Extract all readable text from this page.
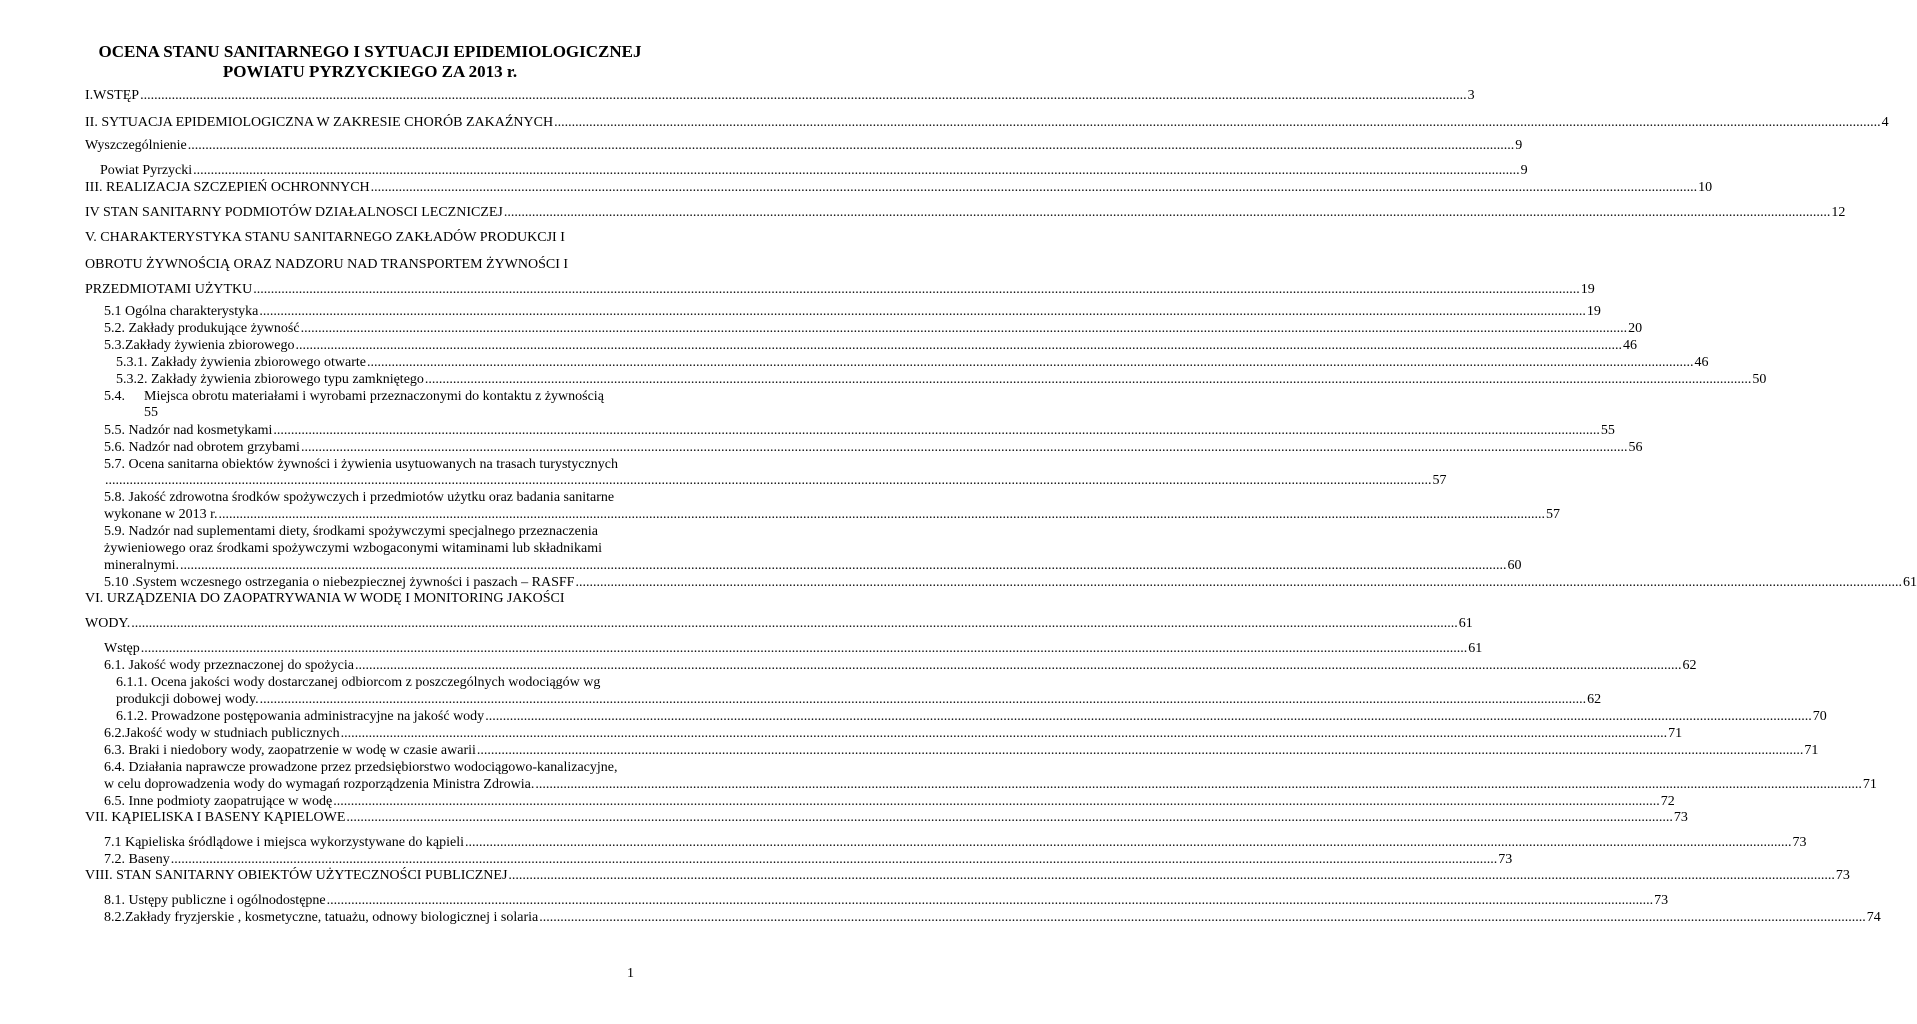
OCENA STANU SANITARNEGO I SYTUACJI EPIDEMIOLOGICZNEJ
POWIATU PYRZYCKIEGO ZA 2013 r.
I.WSTĘP .....	3
II. SYTUACJA EPIDEMIOLOGICZNA W ZAKRESIE CHORÓB ZAKAŹNYCH .....	4
Wyszczególnienie .....	9
Powiat Pyrzycki .....	9
III. REALIZACJA SZCZEPIEŃ OCHRONNYCH .....	10
IV STAN SANITARNY PODMIOTÓW DZIAŁALNOSCI LECZNICZEJ .....	12
V. CHARAKTERYSTYKA STANU SANITARNEGO ZAKŁADÓW PRODUKCJI I
OBROTU ŻYWNOŚCIĄ ORAZ NADZORU NAD TRANSPORTEM ŻYWNOŚCI I
PRZEDMIOTAMI UŻYTKU .....	19
5.1 Ogólna charakterystyka .....	19
5.2. Zakłady produkujące żywność .....	20
5.3. Zakłady żywienia zbiorowego .....	46
5.3.1. Zakłady żywienia zbiorowego otwarte .....	46
5.3.2. Zakłady żywienia zbiorowego typu zamkniętego .....	50
5.4. Miejsca obrotu materiałami i wyrobami przeznaczonymi do kontaktu z żywnością
55
5.5. Nadzór nad kosmetykami .....	55
5.6. Nadzór nad obrotem grzybami .....	56
5.7. Ocena sanitarna obiektów żywności i żywienia usytuowanych na trasach turystycznych
.....
57
5.8. Jakość zdrowotna środków spożywczych i przedmiotów użytku oraz badania sanitarne
wykonane w 2013 r. .....	57
5.9. Nadzór nad suplementami diety, środkami spożywczymi specjalnego przeznaczenia
żywieniowego oraz środkami spożywczymi wzbogaconymi witaminami lub składnikami
mineralnymi. .....	60
5.10 .System wczesnego ostrzegania o niebezpiecznej żywności i paszach – RASFF .....	61
VI. URZĄDZENIA DO ZAOPATRYWANIA W WODĘ I MONITORING JAKOŚCI
WODY. .....	61
Wstęp .....	61
6.1. Jakość wody przeznaczonej do spożycia .....	62
6.1.1. Ocena jakości wody dostarczanej odbiorcom z poszczególnych wodociągów wg
produkcji dobowej wody. .....	62
6.1.2. Prowadzone postępowania administracyjne na jakość wody .....	70
6.2.Jakość wody w studniach publicznych .....	71
6.3. Braki i niedobory wody, zaopatrzenie w wodę w czasie awarii .....	71
6.4. Działania naprawcze prowadzone przez przedsiębiorstwo wodociągowo-kanalizacyjne,
w celu doprowadzenia wody do wymagań rozporządzenia Ministra Zdrowia. .....	71
6.5. Inne podmioty zaopatrujące w wodę .....	72
VII. KĄPIELISKA I BASENY KĄPIELOWE .....	73
7.1 Kąpieliska śródlądowe i miejsca wykorzystywane do kąpieli .....	73
7.2. Baseny .....	73
VIII. STAN SANITARNY OBIEKTÓW UŻYTECZNOŚCI PUBLICZNEJ .....	73
8.1. Ustępy publiczne i ogólnodostępne .....	73
8.2. Zakłady fryzjerskie , kosmetyczne, tatuażu, odnowy biologicznej i solaria .....	74
1
